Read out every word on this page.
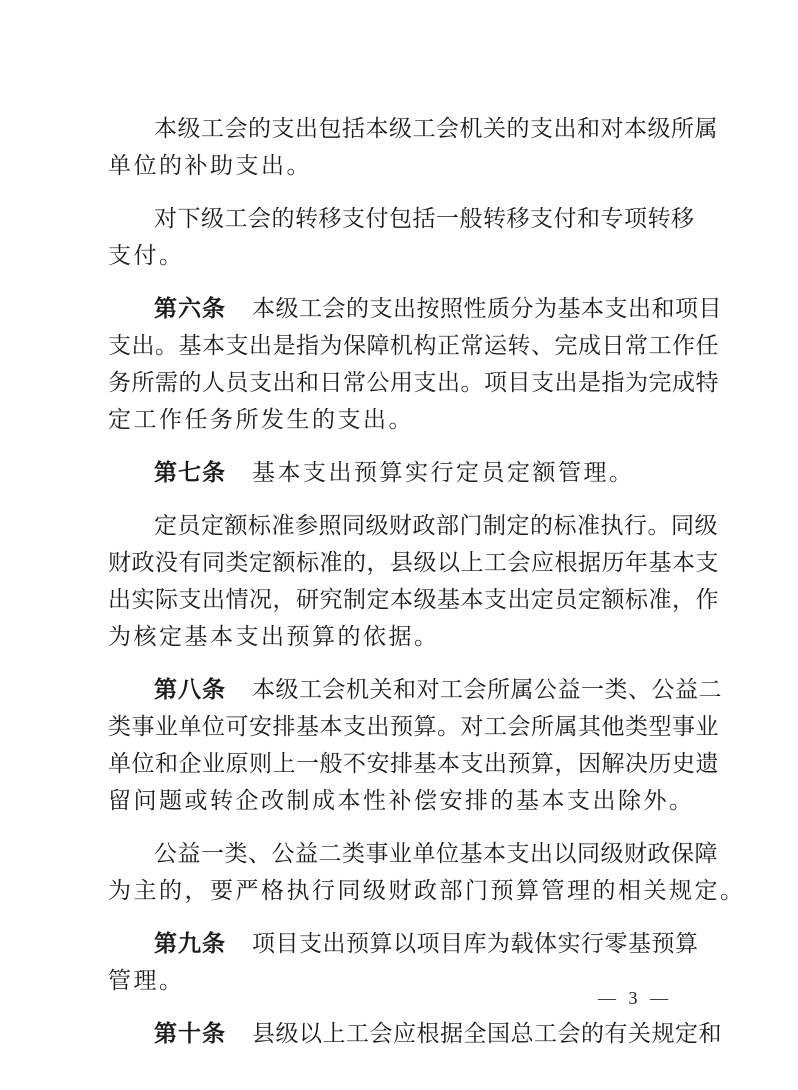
本级工会的支出包括本级工会机关的支出和对本级所属
单位的补助支出。
对下级工会的转移支付包括一般转移支付和专项转移
支付。
第六条 本级工会的支出按照性质分为基本支出和项目
支出。基本支出是指为保障机构正常运转、完成日常工作任
务所需的人员支出和日常公用支出。项目支出是指为完成特
定工作任务所发生的支出。
第七条 基本支出预算实行定员定额管理。
定员定额标准参照同级财政部门制定的标准执行。同级
财政没有同类定额标准的，县级以上工会应根据历年基本支
出实际支出情况，研究制定本级基本支出定员定额标准，作
为核定基本支出预算的依据。
第八条 本级工会机关和对工会所属公益一类、公益二
类事业单位可安排基本支出预算。对工会所属其他类型事业
单位和企业原则上一般不安排基本支出预算，因解决历史遗
留问题或转企改制成本性补偿安排的基本支出除外。
公益一类、公益二类事业单位基本支出以同级财政保障
为主的，要严格执行同级财政部门预算管理的相关规定。
第九条 项目支出预算以项目库为载体实行零基预算
管理。
第十条 县级以上工会应根据全国总工会的有关规定和
— 3 —
